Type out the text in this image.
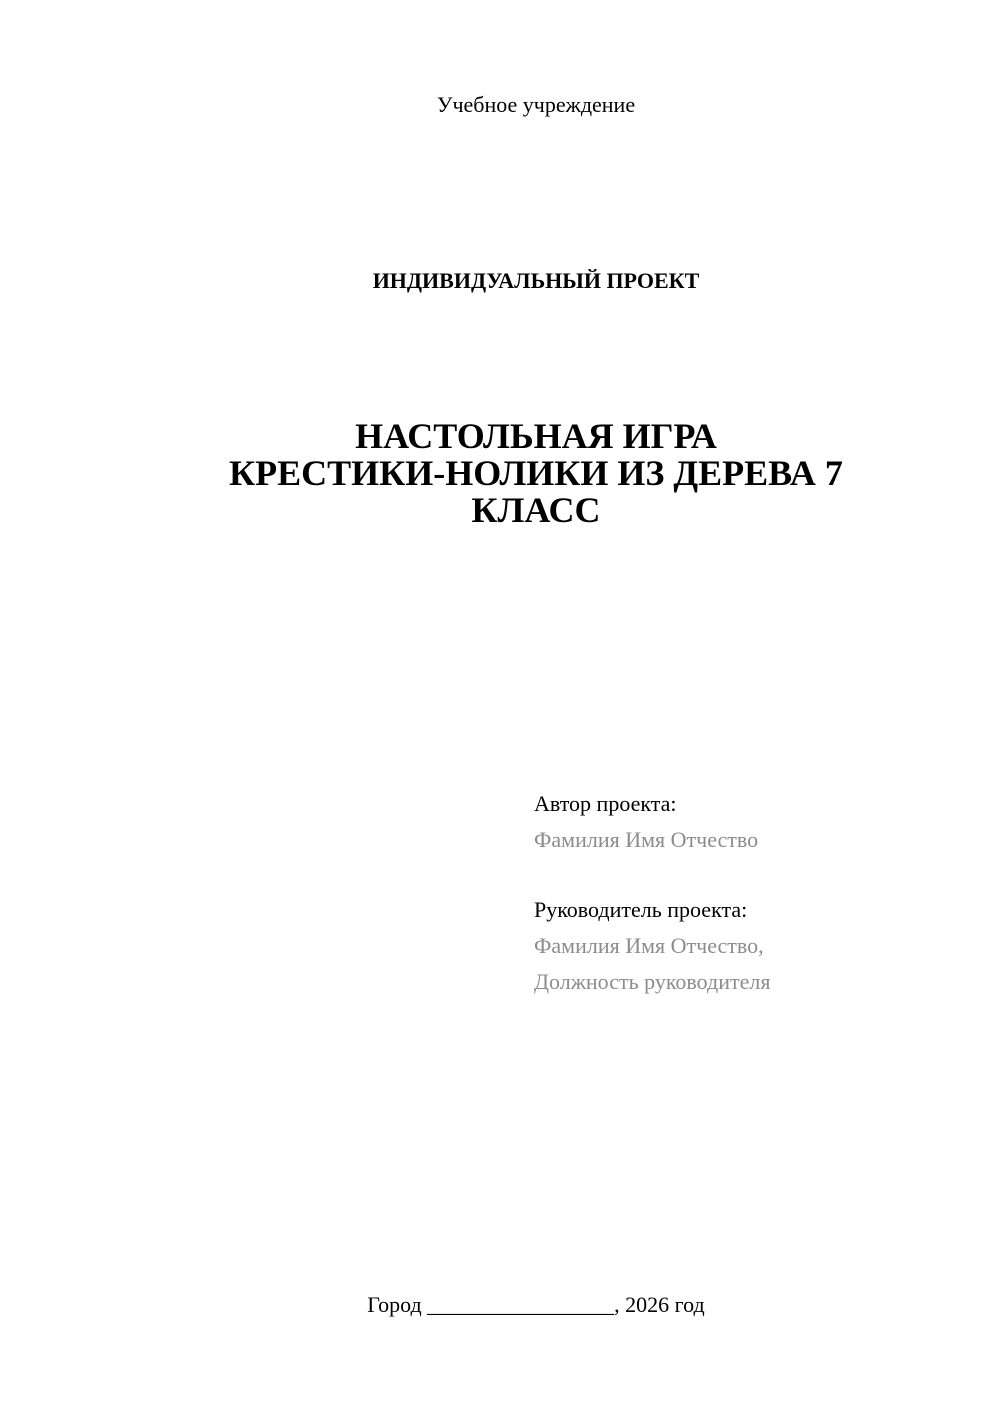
Учебное учреждение
ИНДИВИДУАЛЬНЫЙ ПРОЕКТ
НАСТОЛЬНАЯ ИГРА
КРЕСТИКИ-НОЛИКИ ИЗ ДЕРЕВА 7
КЛАСС
Автор проекта:
Фамилия Имя Отчество
Руководитель проекта:
Фамилия Имя Отчество,
Должность руководителя
Город _________________, 2026 год
